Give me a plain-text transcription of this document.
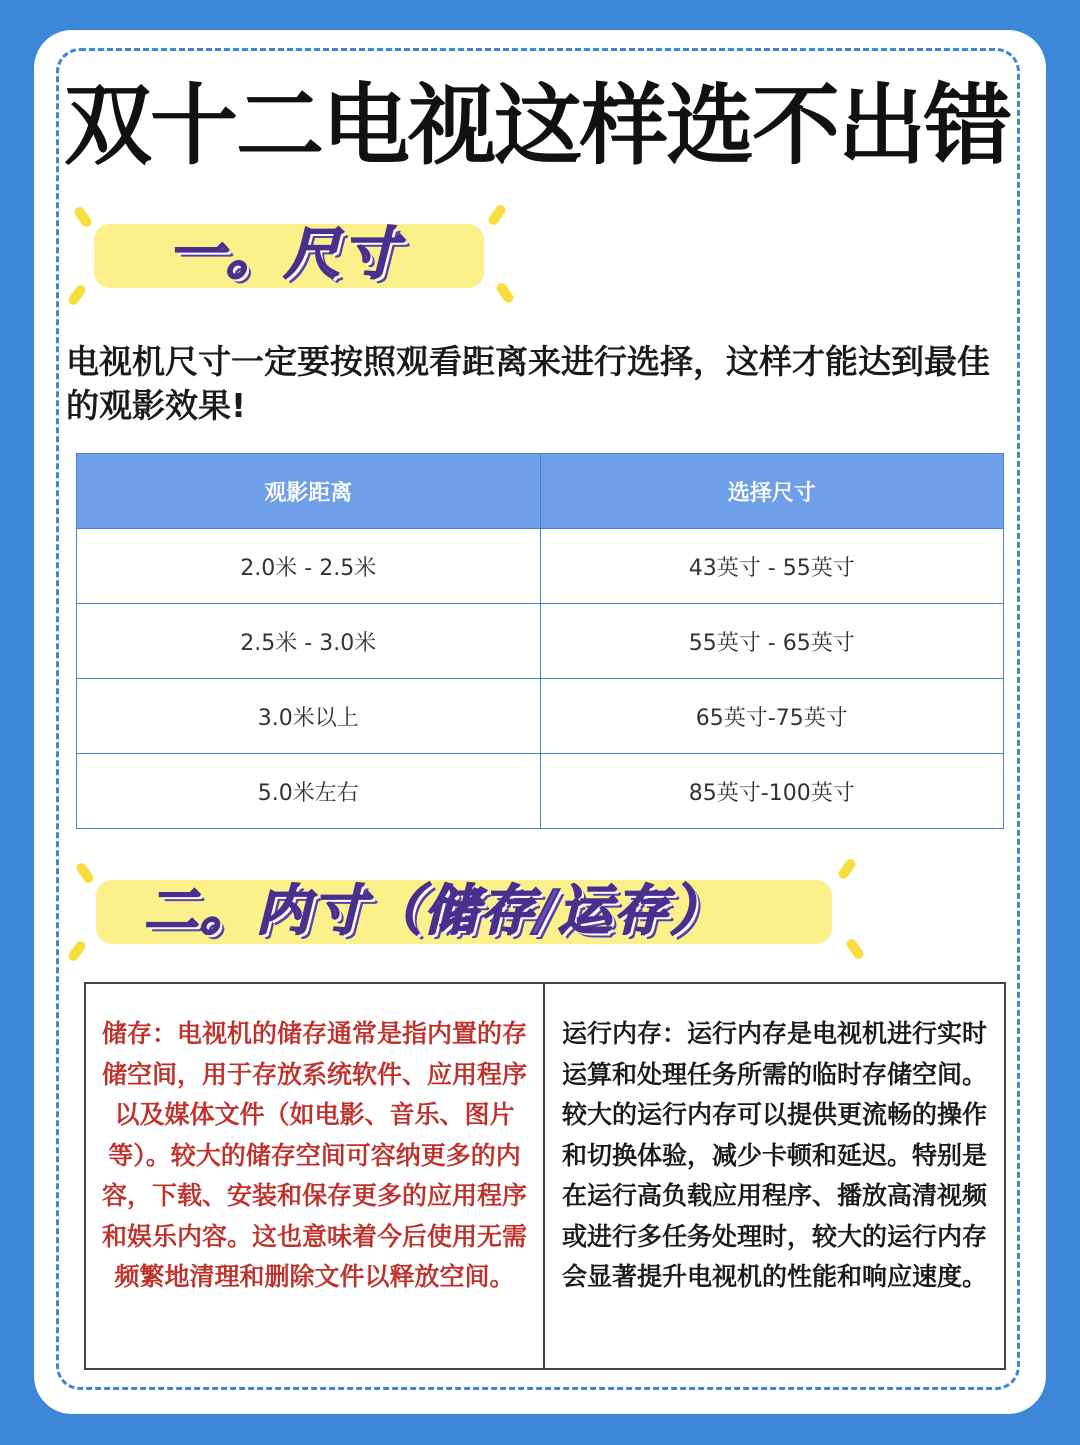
双十二电视这样选不出错
一。尺寸

电视机尺寸一定要按照观看距离来进行选择，这样才能达到最佳的观影效果!

观影距离	选择尺寸
2.0米 - 2.5米	43英寸 - 55英寸
2.5米 - 3.0米	55英寸 - 65英寸
3.0米以上	65英寸-75英寸
5.0米左右	85英寸-100英寸
二。内寸（储存/运存）
储存：电视机的储存通常是指内置的存储空间，用于存放系统软件、应用程序以及媒体文件（如电影、音乐、图片等）。较大的储存空间可容纳更多的内容，下载、安装和保存更多的应用程序和娱乐内容。这也意味着今后使用无需频繁地清理和删除文件以释放空间。
运行内存：运行内存是电视机进行实时运算和处理任务所需的临时存储空间。较大的运行内存可以提供更流畅的操作和切换体验，减少卡顿和延迟。特别是在运行高负载应用程序、播放高清视频或进行多任务处理时，较大的运行内存会显著提升电视机的性能和响应速度。
